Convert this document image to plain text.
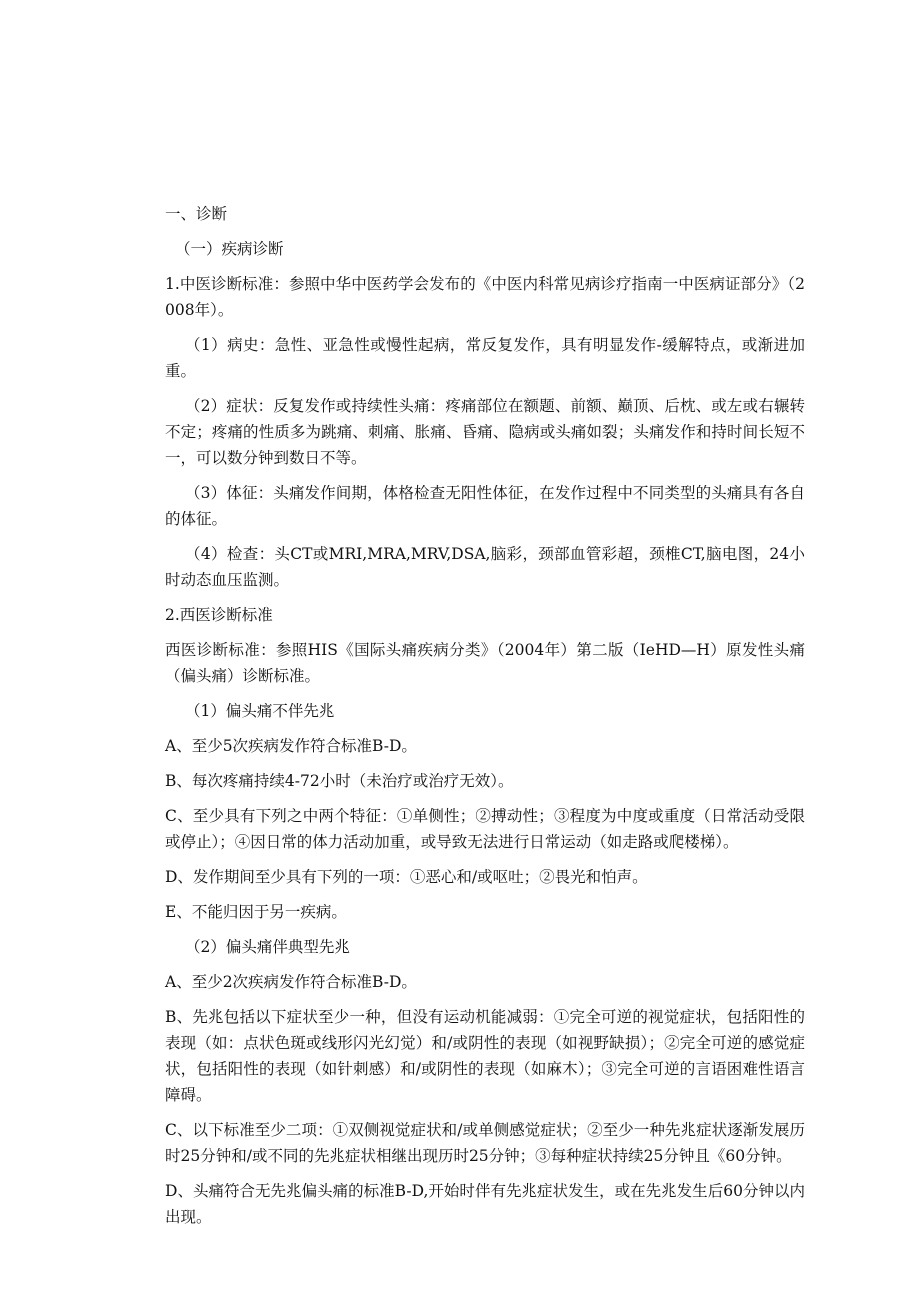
一、诊断

（一）疾病诊断

1.中医诊断标准：参照中华中医药学会发布的《中医内科常见病诊疗指南一中医病证部分》（2008年）。

（1）病史：急性、亚急性或慢性起病，常反复发作，具有明显发作-缓解特点，或渐进加重。

（2）症状：反复发作或持续性头痛：疼痛部位在额题、前额、巅顶、后枕、或左或右辗转不定；疼痛的性质多为跳痛、刺痛、胀痛、昏痛、隐病或头痛如裂；头痛发作和持时间长短不一，可以数分钟到数日不等。

（3）体征：头痛发作间期，体格检查无阳性体征，在发作过程中不同类型的头痛具有各自的体征。

（4）检查：头CT或MRI,MRA,MRV,DSA,脑彩，颈部血管彩超，颈椎CT,脑电图，24小时动态血压监测。

2.西医诊断标准

西医诊断标准：参照HIS《国际头痛疾病分类》（2004年）第二版（IeHD—H）原发性头痛（偏头痛）诊断标准。

（1）偏头痛不伴先兆

A、至少5次疾病发作符合标准B-D。

B、每次疼痛持续4-72小时（未治疗或治疗无效）。

C、至少具有下列之中两个特征：①单侧性；②搏动性；③程度为中度或重度（日常活动受限或停止）；④因日常的体力活动加重，或导致无法进行日常运动（如走路或爬楼梯）。

D、发作期间至少具有下列的一项：①恶心和/或呕吐；②畏光和怕声。

E、不能归因于另一疾病。

（2）偏头痛伴典型先兆

A、至少2次疾病发作符合标准B-D。

B、先兆包括以下症状至少一种，但没有运动机能减弱：①完全可逆的视觉症状，包括阳性的表现（如：点状色斑或线形闪光幻觉）和/或阴性的表现（如视野缺损）；②完全可逆的感觉症状，包括阳性的表现（如针刺感）和/或阴性的表现（如麻木）；③完全可逆的言语困难性语言障碍。

C、以下标准至少二项：①双侧视觉症状和/或单侧感觉症状；②至少一种先兆症状逐渐发展历时25分钟和/或不同的先兆症状相继出现历时25分钟；③每种症状持续25分钟且《60分钟。

D、头痛符合无先兆偏头痛的标准B-D,开始时伴有先兆症状发生，或在先兆发生后60分钟以内出现。
